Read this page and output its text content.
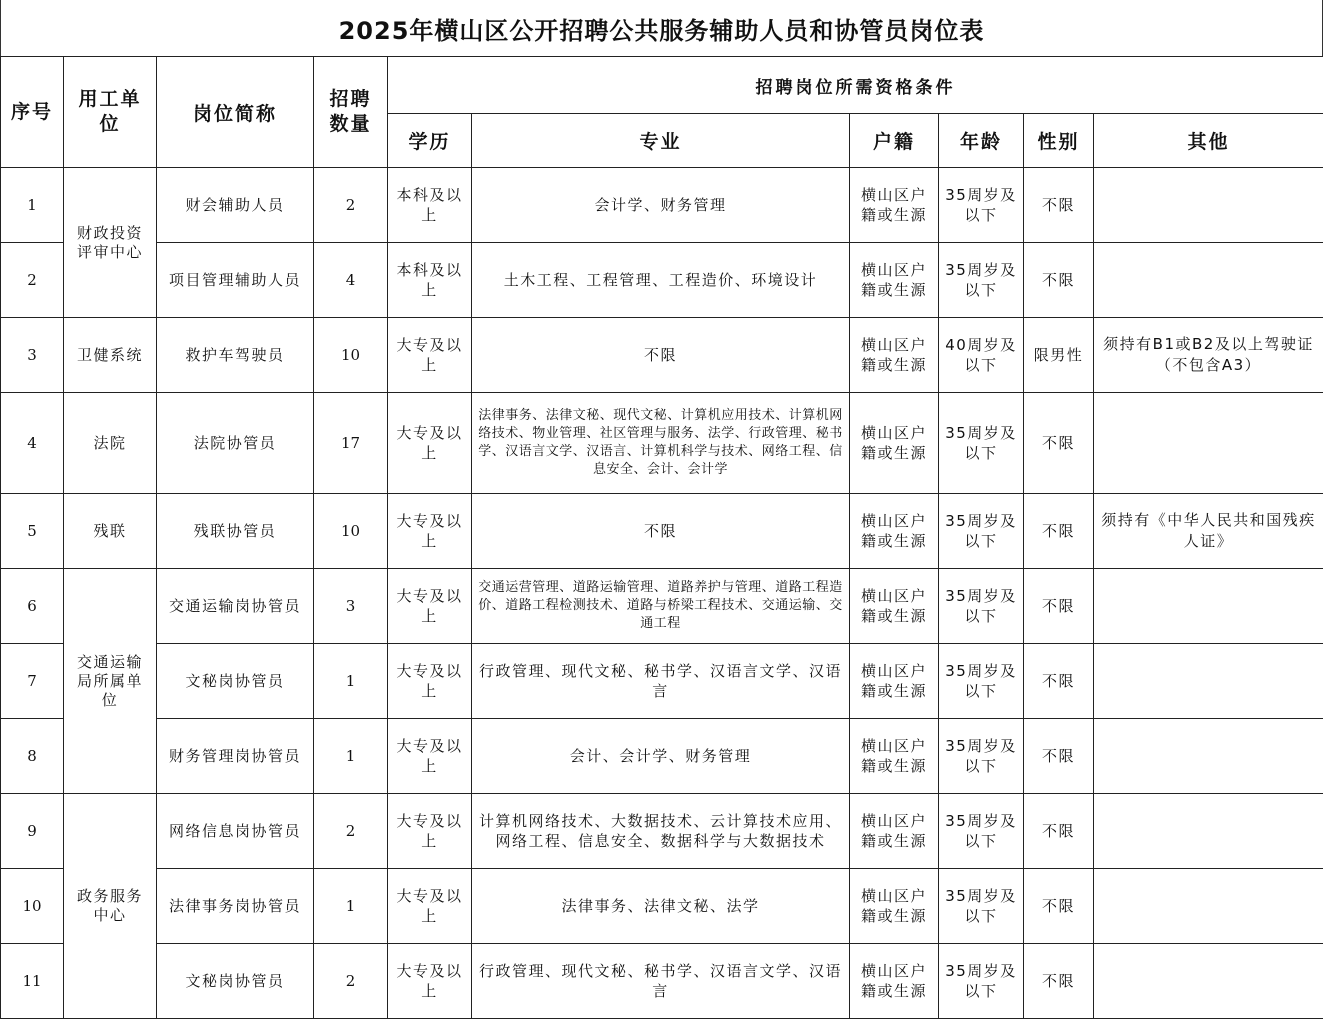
2025年横山区公开招聘公共服务辅助人员和协管员岗位表
序号	用工单位	岗位简称	招聘数量	招聘岗位所需资格条件					
				学历	专业	户籍	年龄	性别	其他
1	财政投资评审中心	财会辅助人员	2	本科及以上	会计学、财务管理	横山区户籍或生源	35周岁及以下	不限	
2		项目管理辅助人员	4	本科及以上	土木工程、工程管理、工程造价、环境设计	横山区户籍或生源	35周岁及以下	不限	
3	卫健系统	救护车驾驶员	10	大专及以上	不限	横山区户籍或生源	40周岁及以下	限男性	须持有B1或B2及以上驾驶证（不包含A3）
4	法院	法院协管员	17	大专及以上	法律事务、法律文秘、现代文秘、计算机应用技术、计算机网络技术、物业管理、社区管理与服务、法学、行政管理、秘书学、汉语言文学、汉语言、计算机科学与技术、网络工程、信息安全、会计、会计学	横山区户籍或生源	35周岁及以下	不限	
5	残联	残联协管员	10	大专及以上	不限	横山区户籍或生源	35周岁及以下	不限	须持有《中华人民共和国残疾人证》
6	交通运输局所属单位	交通运输岗协管员	3	大专及以上	交通运营管理、道路运输管理、道路养护与管理、道路工程造价、道路工程检测技术、道路与桥梁工程技术、交通运输、交通工程	横山区户籍或生源	35周岁及以下	不限	
7		文秘岗协管员	1	大专及以上	行政管理、现代文秘、秘书学、汉语言文学、汉语言	横山区户籍或生源	35周岁及以下	不限	
8		财务管理岗协管员	1	大专及以上	会计、会计学、财务管理	横山区户籍或生源	35周岁及以下	不限	
9	政务服务中心	网络信息岗协管员	2	大专及以上	计算机网络技术、大数据技术、云计算技术应用、网络工程、信息安全、数据科学与大数据技术	横山区户籍或生源	35周岁及以下	不限	
10		法律事务岗协管员	1	大专及以上	法律事务、法律文秘、法学	横山区户籍或生源	35周岁及以下	不限	
11		文秘岗协管员	2	大专及以上	行政管理、现代文秘、秘书学、汉语言文学、汉语言	横山区户籍或生源	35周岁及以下	不限	
